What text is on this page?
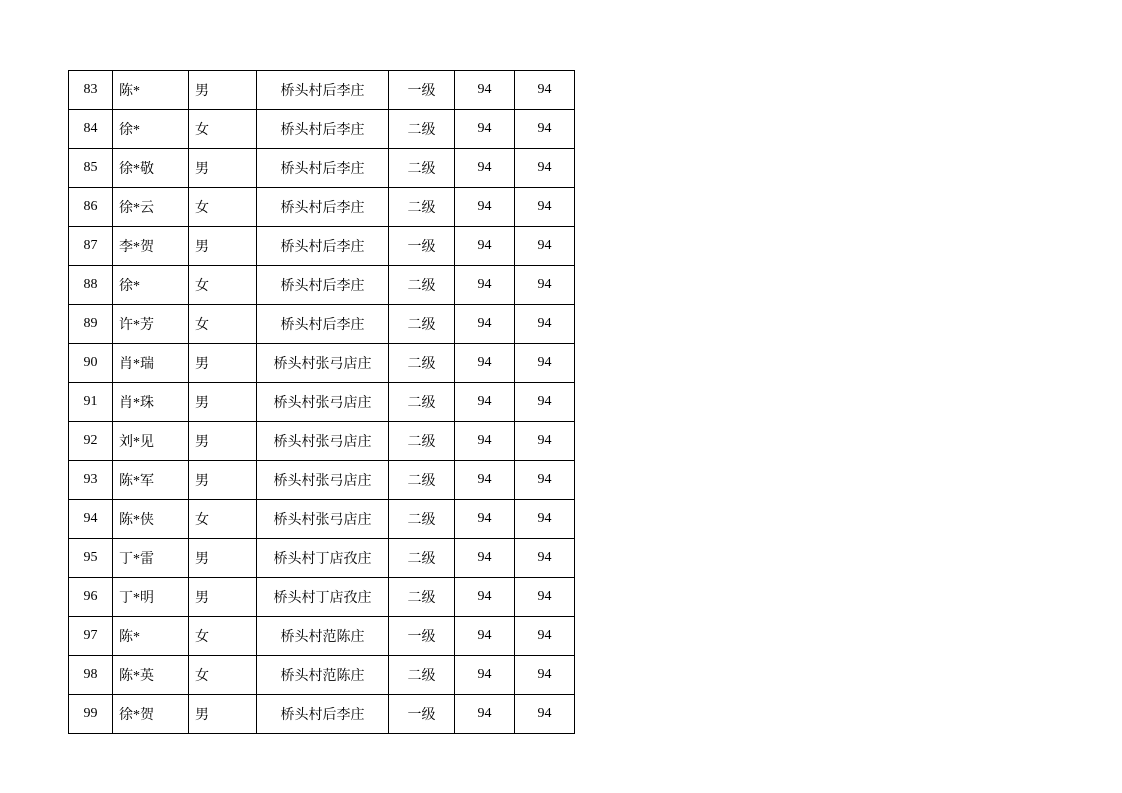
83	陈*	男	桥头村后李庄	一级	94	94
84	徐*	女	桥头村后李庄	二级	94	94
85	徐*敬	男	桥头村后李庄	二级	94	94
86	徐*云	女	桥头村后李庄	二级	94	94
87	李*贺	男	桥头村后李庄	一级	94	94
88	徐*	女	桥头村后李庄	二级	94	94
89	许*芳	女	桥头村后李庄	二级	94	94
90	肖*瑞	男	桥头村张弓店庄	二级	94	94
91	肖*珠	男	桥头村张弓店庄	二级	94	94
92	刘*见	男	桥头村张弓店庄	二级	94	94
93	陈*军	男	桥头村张弓店庄	二级	94	94
94	陈*侠	女	桥头村张弓店庄	二级	94	94
95	丁*雷	男	桥头村丁店孜庄	二级	94	94
96	丁*明	男	桥头村丁店孜庄	二级	94	94
97	陈*	女	桥头村范陈庄	一级	94	94
98	陈*英	女	桥头村范陈庄	二级	94	94
99	徐*贺	男	桥头村后李庄	一级	94	94
